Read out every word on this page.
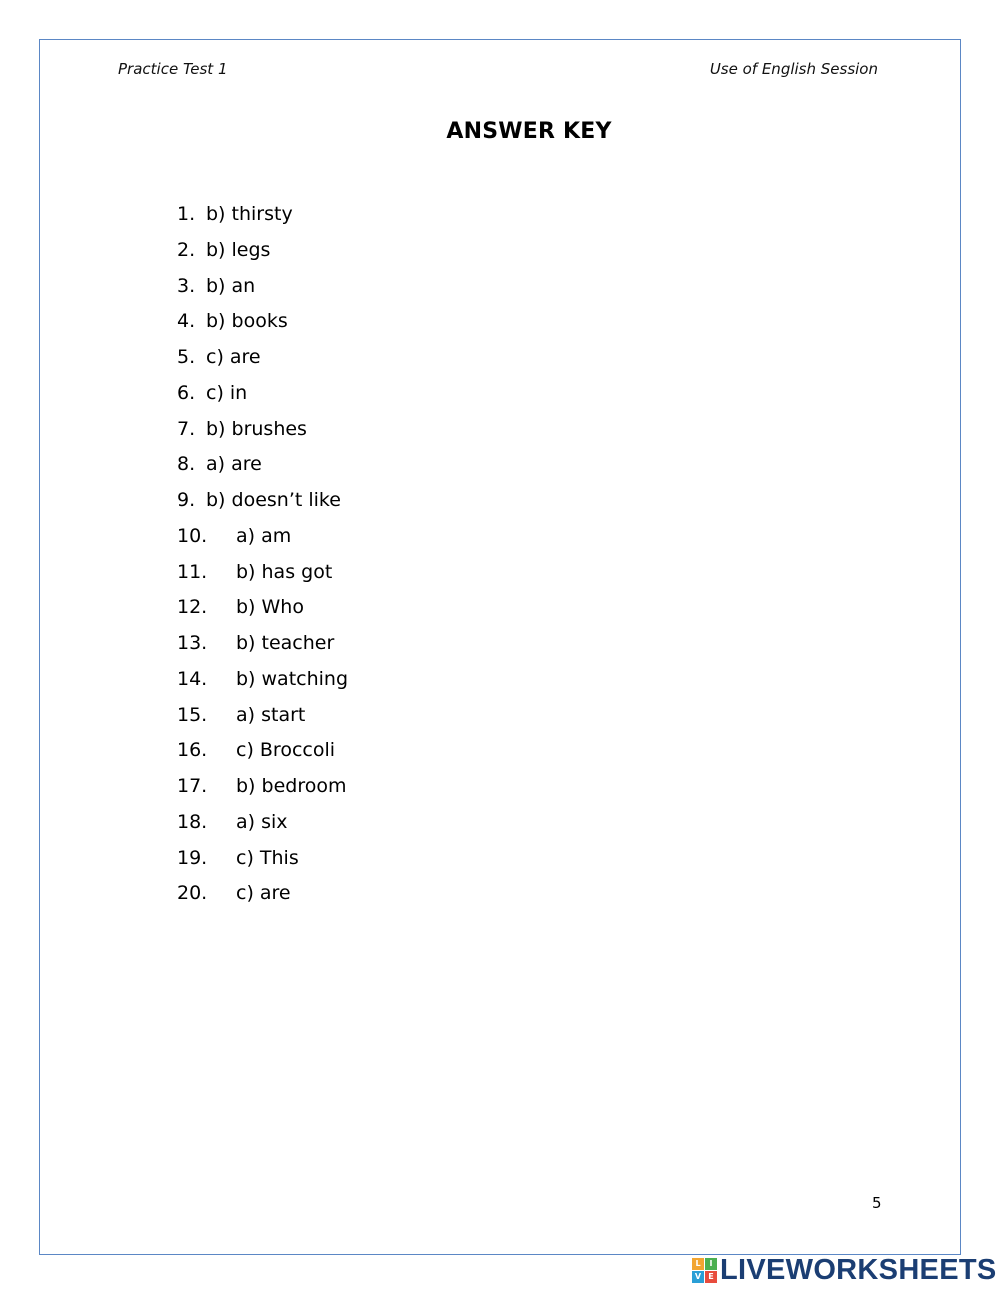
Practice Test 1	Use of English Session
ANSWER KEY
1. b) thirsty
2. b) legs
3. b) an
4. b) books
5. c) are
6. c) in
7. b) brushes
8. a) are
9. b) doesn’t like
10. a) am
11. b) has got
12. b) Who
13. b) teacher
14. b) watching
15. a) start
16. c) Broccoli
17. b) bedroom
18. a) six
19. c) This
20. c) are
5
L	I
V E LIVEWORKSHEETS
